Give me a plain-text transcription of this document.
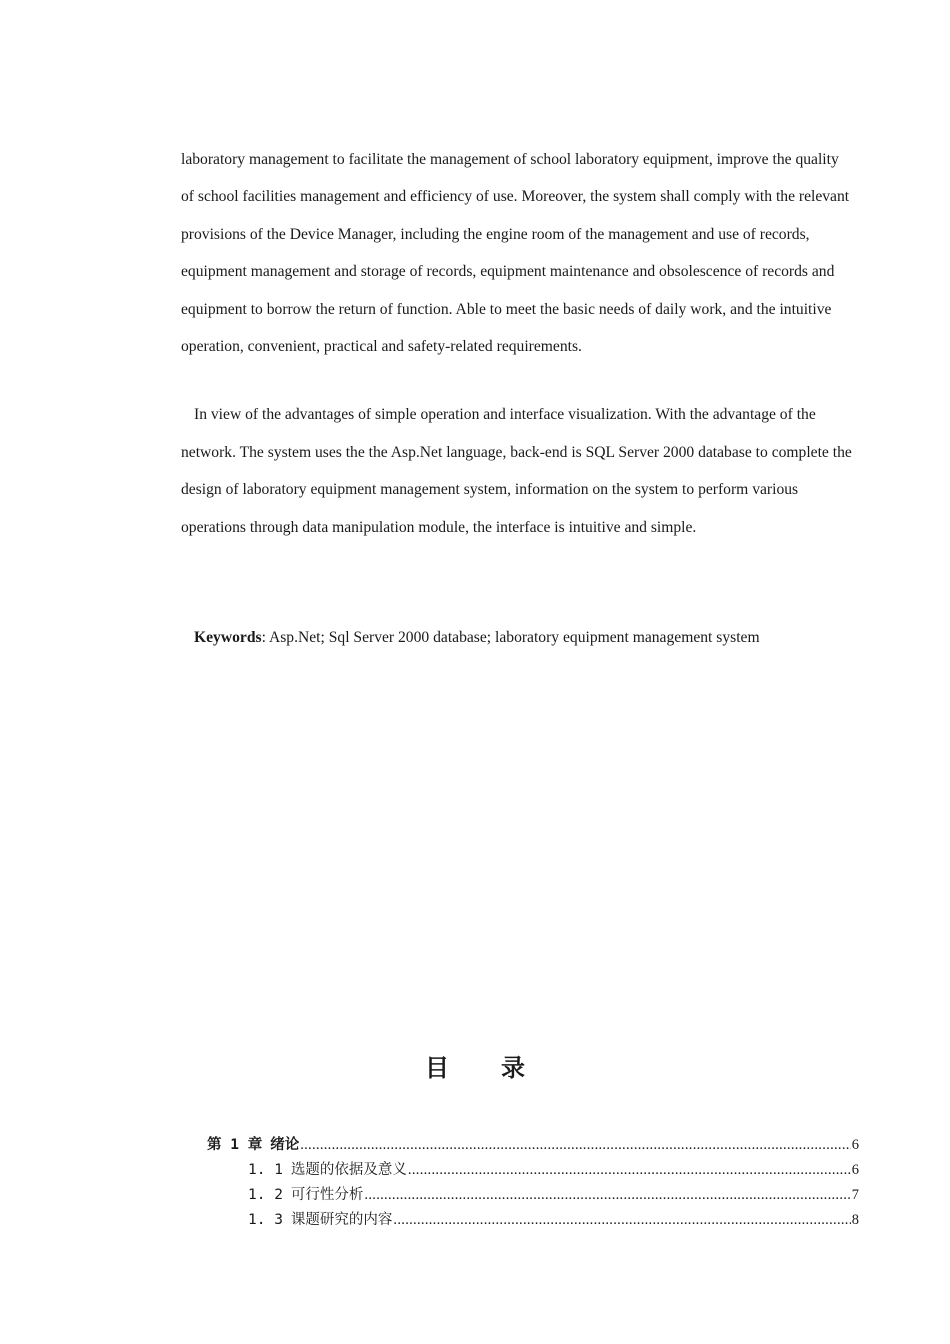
laboratory management to facilitate the management of school laboratory equipment, improve the quality of school facilities management and efficiency of use. Moreover, the system shall comply with the relevant provisions of the Device Manager, including the engine room of the management and use of records, equipment management and storage of records, equipment maintenance and obsolescence of records and equipment to borrow the return of function. Able to meet the basic needs of daily work, and the intuitive operation, convenient, practical and safety-related requirements.

In view of the advantages of simple operation and interface visualization. With the advantage of the network. The system uses the the Asp.Net language, back-end is SQL Server 2000 database to complete the design of laboratory equipment management system, information on the system to perform various operations through data manipulation module, the interface is intuitive and simple.

Keywords: Asp.Net; Sql Server 2000 database; laboratory equipment management system
目 录
第 1 章 绪论 .....	6
1. 1 选题的依据及意义 .....	6
1. 2 可行性分析 .....	7
1. 3 课题研究的内容 .....	8
